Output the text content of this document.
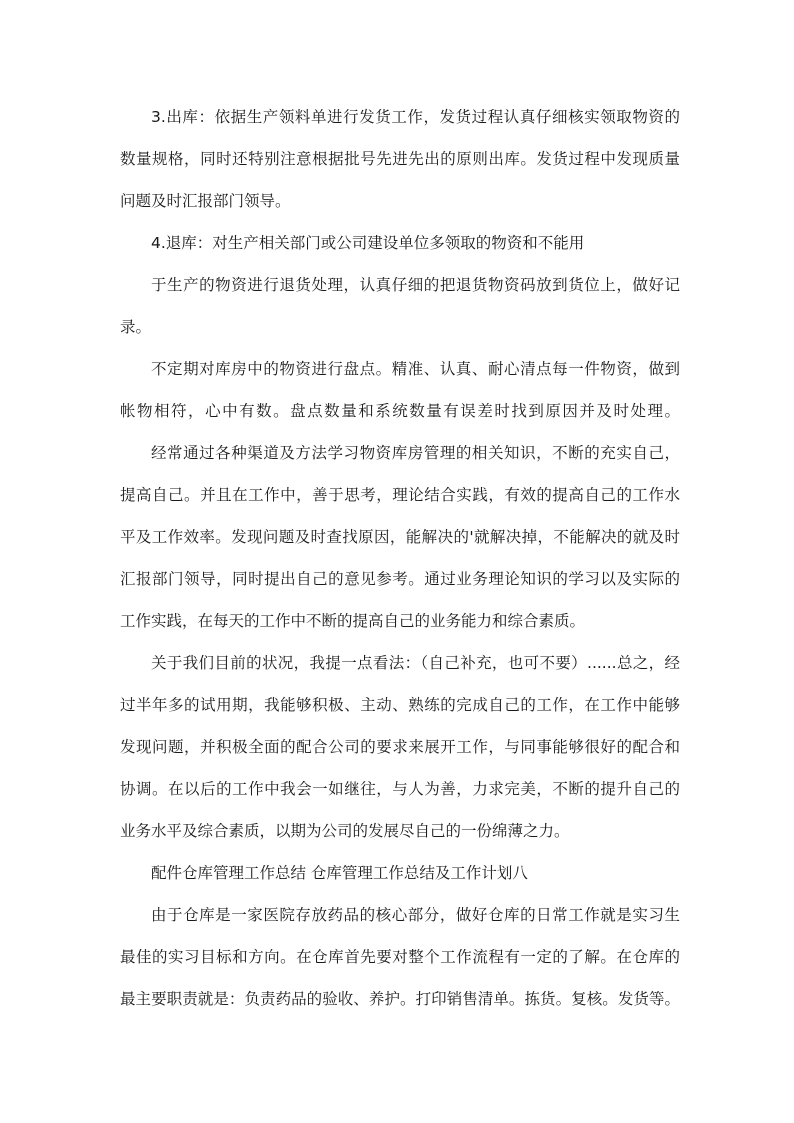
3.出库：依据生产领料单进行发货工作，发货过程认真仔细核实领取物资的
数量规格，同时还特别注意根据批号先进先出的原则出库。发货过程中发现质量
问题及时汇报部门领导。
4.退库：对生产相关部门或公司建设单位多领取的物资和不能用
于生产的物资进行退货处理，认真仔细的把退货物资码放到货位上，做好记
录。
不定期对库房中的物资进行盘点。精准、认真、耐心清点每一件物资，做到
帐物相符，心中有数。盘点数量和系统数量有误差时找到原因并及时处理。
经常通过各种渠道及方法学习物资库房管理的相关知识，不断的充实自己，
提高自己。并且在工作中，善于思考，理论结合实践，有效的提高自己的工作水
平及工作效率。发现问题及时查找原因，能解决的'就解决掉，不能解决的就及时
汇报部门领导，同时提出自己的意见参考。通过业务理论知识的学习以及实际的
工作实践，在每天的工作中不断的提高自己的业务能力和综合素质。
关于我们目前的状况，我提一点看法：（自己补充，也可不要）......总之，经
过半年多的试用期，我能够积极、主动、熟练的完成自己的工作，在工作中能够
发现问题，并积极全面的配合公司的要求来展开工作，与同事能够很好的配合和
协调。在以后的工作中我会一如继往，与人为善，力求完美，不断的提升自己的
业务水平及综合素质，以期为公司的发展尽自己的一份绵薄之力。
配件仓库管理工作总结 仓库管理工作总结及工作计划八
由于仓库是一家医院存放药品的核心部分，做好仓库的日常工作就是实习生
最佳的实习目标和方向。在仓库首先要对整个工作流程有一定的了解。在仓库的
最主要职责就是：负责药品的验收、养护。打印销售清单。拣货。复核。发货等。
